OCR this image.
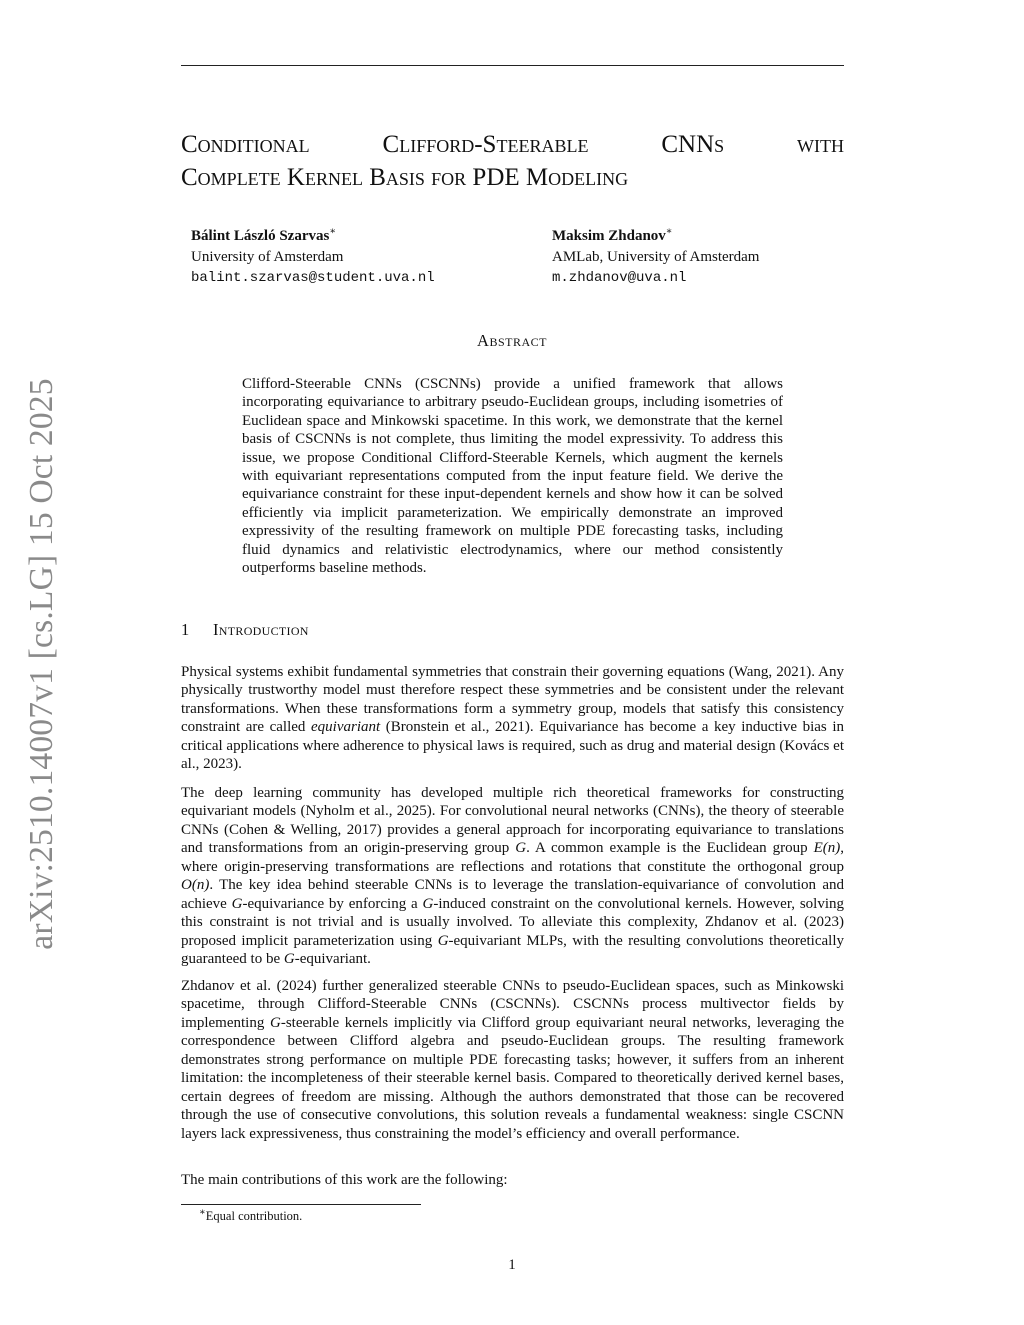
arXiv:2510.14007v1 [cs.LG] 15 Oct 2025
Conditional Clifford-Steerable CNNs with
Complete Kernel Basis for PDE Modeling
Bálint László Szarvas∗
University of Amsterdam
balint.szarvas@student.uva.nl
Maksim Zhdanov∗
AMLab, University of Amsterdam
m.zhdanov@uva.nl
Abstract

Clifford-Steerable CNNs (CSCNNs) provide a unified framework that allows incorporating equivariance to arbitrary pseudo-Euclidean groups, including isometries of Euclidean space and Minkowski spacetime. In this work, we demonstrate that the kernel basis of CSCNNs is not complete, thus limiting the model expressivity. To address this issue, we propose Conditional Clifford-Steerable Kernels, which augment the kernels with equivariant representations computed from the input feature field. We derive the equivariance constraint for these input-dependent kernels and show how it can be solved efficiently via implicit parameterization. We empirically demonstrate an improved expressivity of the resulting framework on multiple PDE forecasting tasks, including fluid dynamics and relativistic electrodynamics, where our method consistently outperforms baseline methods.

1 Introduction

Physical systems exhibit fundamental symmetries that constrain their governing equations (Wang, 2021). Any physically trustworthy model must therefore respect these symmetries and be consistent under the relevant transformations. When these transformations form a symmetry group, models that satisfy this consistency constraint are called equivariant (Bronstein et al., 2021). Equivariance has become a key inductive bias in critical applications where adherence to physical laws is required, such as drug and material design (Kovács et al., 2023).

The deep learning community has developed multiple rich theoretical frameworks for constructing equivariant models (Nyholm et al., 2025). For convolutional neural networks (CNNs), the theory of steerable CNNs (Cohen & Welling, 2017) provides a general approach for incorporating equivariance to translations and transformations from an origin-preserving group G. A common example is the Euclidean group E(n), where origin-preserving transformations are reflections and rotations that constitute the orthogonal group O(n). The key idea behind steerable CNNs is to leverage the translation-equivariance of convolution and achieve G-equivariance by enforcing a G-induced constraint on the convolutional kernels. However, solving this constraint is not trivial and is usually involved. To alleviate this complexity, Zhdanov et al. (2023) proposed implicit parameterization using G-equivariant MLPs, with the resulting convolutions theoretically guaranteed to be G-equivariant.

Zhdanov et al. (2024) further generalized steerable CNNs to pseudo-Euclidean spaces, such as Minkowski spacetime, through Clifford-Steerable CNNs (CSCNNs). CSCNNs process multivector fields by implementing G-steerable kernels implicitly via Clifford group equivariant neural networks, leveraging the correspondence between Clifford algebra and pseudo-Euclidean groups. The resulting framework demonstrates strong performance on multiple PDE forecasting tasks; however, it suffers from an inherent limitation: the incompleteness of their steerable kernel basis. Compared to theoretically derived kernel bases, certain degrees of freedom are missing. Although the authors demonstrated that those can be recovered through the use of consecutive convolutions, this solution reveals a fundamental weakness: single CSCNN layers lack expressiveness, thus constraining the model’s efficiency and overall performance.

The main contributions of this work are the following:

∗Equal contribution.
1
